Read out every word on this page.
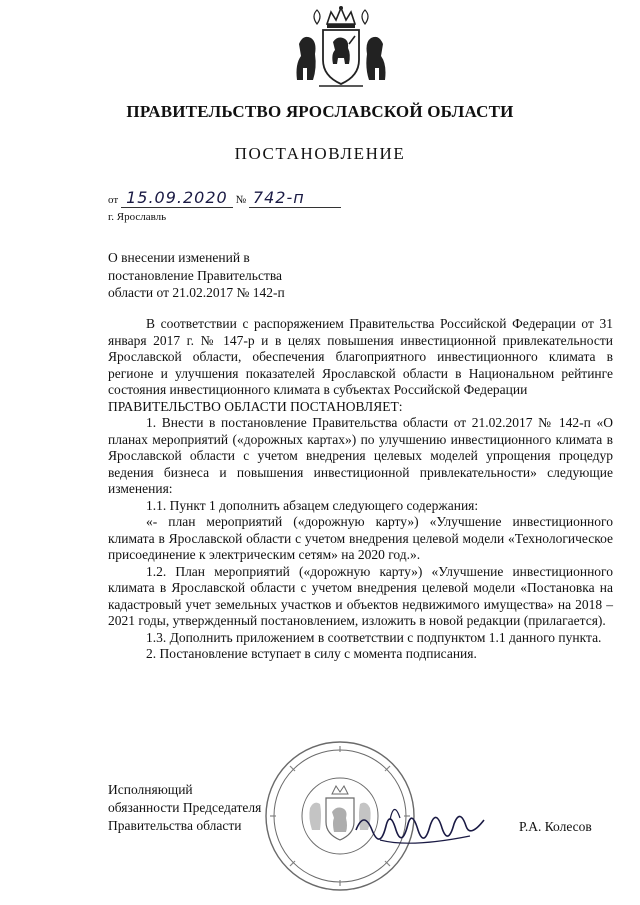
ПРАВИТЕЛЬСТВО ЯРОСЛАВСКОЙ ОБЛАСТИ
ПОСТАНОВЛЕНИЕ
от 15.09.2020 № 742-п
г. Ярославль
О внесении изменений в
постановление Правительства
области от 21.02.2017 № 142-п

В соответствии с распоряжением Правительства Российской Федерации от 31 января 2017 г. № 147-р и в целях повышения инвестиционной привлекательности Ярославской области, обеспечения благоприятного инвестиционного климата в регионе и улучшения показателей Ярославской области в Национальном рейтинге состояния инвестиционного климата в субъектах Российской Федерации

ПРАВИТЕЛЬСТВО ОБЛАСТИ ПОСТАНОВЛЯЕТ:

1. Внести в постановление Правительства области от 21.02.2017 № 142-п «О планах мероприятий («дорожных картах») по улучшению инвестиционного климата в Ярославской области с учетом внедрения целевых моделей упрощения процедур ведения бизнеса и повышения инвестиционной привлекательности» следующие изменения:

1.1. Пункт 1 дополнить абзацем следующего содержания:

«- план мероприятий («дорожную карту») «Улучшение инвестиционного климата в Ярославской области с учетом внедрения целевой модели «Технологическое присоединение к электрическим сетям» на 2020 год.».

1.2. План мероприятий («дорожную карту») «Улучшение инвестиционного климата в Ярославской области с учетом внедрения целевой модели «Постановка на кадастровый учет земельных участков и объектов недвижимого имущества» на 2018 – 2021 годы, утвержденный постановлением, изложить в новой редакции (прилагается).

1.3. Дополнить приложением в соответствии с подпунктом 1.1 данного пункта.

2. Постановление вступает в силу с момента подписания.

Исполняющий
обязанности Председателя
Правительства области	Р.А. Колесов
